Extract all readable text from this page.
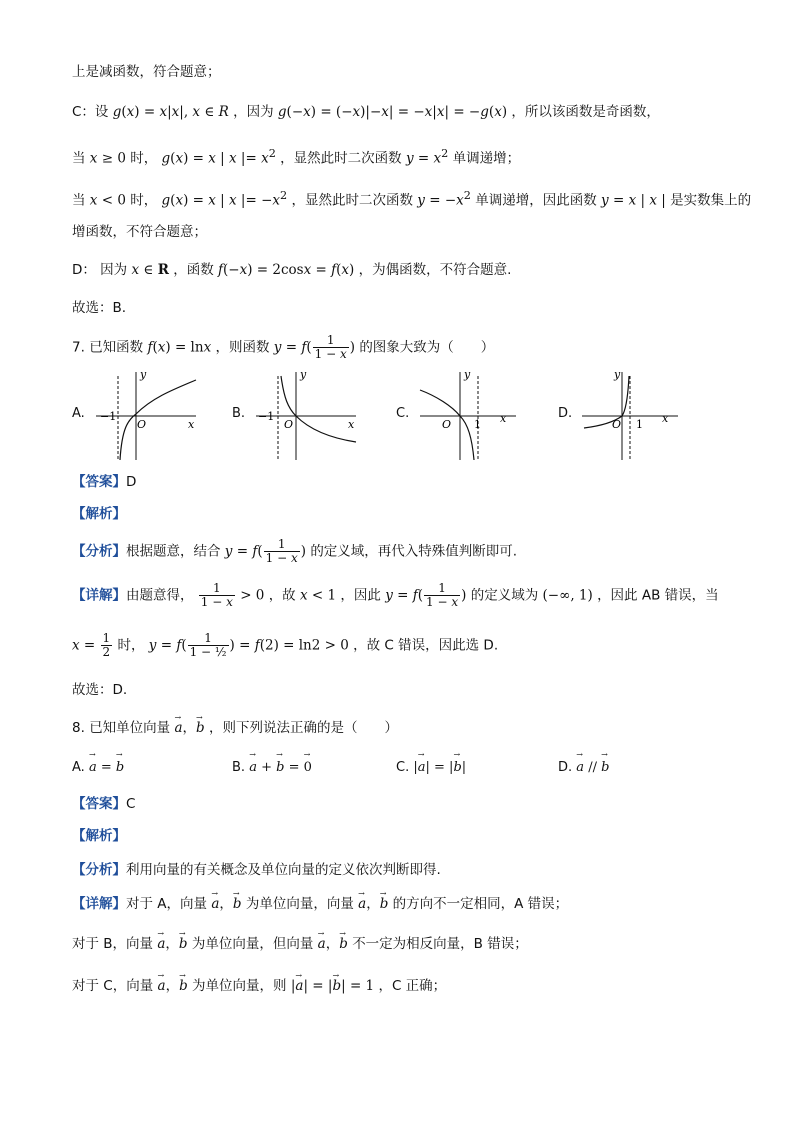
上是减函数，符合题意；
C：设 g(x) = x|x|, x ∈ R ，因为 g(−x) = (−x)|−x| = −x|x| = −g(x) ，所以该函数是奇函数，
当 x ≥ 0 时， g(x) = x | x |= $x^2$ ，显然此时二次函数 $y = x^2$ 单调递增；
当 x < 0 时， g(x) = x | x |= $-x^2$ ，显然此时二次函数 $y = -x^2$ 单调递增，因此函数 y = x | x | 是实数集上的
增函数，不符合题意；
D： 因为 x ∈ R ，函数 f(−x) = 2cosx = f(x) ，为偶函数，不符合题意.
故选：B.
7. 已知函数 f(x) = lnx ，则函数 $y = f( \frac{1}{1 - x}$ ) 的图象大致为（　　）
A.
y
x
O
−1	B.
y
x
O
−1	C.
y
x
O 1
D.
y
x
O 1
【答案】D
【解析】
【分析】根据题意，结合 $y = f( \frac{1}{1 - x}$ ) 的定义域，再代入特殊值判断即可.
【详解】由题意得， $\frac{1}{1 - x} > 0$ ，故 x < 1 ，因此 $y = f( \frac{1}{1 - x}$ ) 的定义域为 (−∞, 1) ，因此 AB 错误，当
$x = \frac{1}{2}$ 时， $y = f( \frac{1}{\text{1 − ½}}$ ) = f(2) = ln2 > 0 ，故 C 错误，因此选 D.
故选：D.
8. 已知单位向量 → a，→ b ，则下列说法正确的是（　　）
A. → a = → b	B. → a + → b = → 0	C. |→ a| = |→ b|	D. → a // → b
【答案】C
【解析】
【分析】利用向量的有关概念及单位向量的定义依次判断即得.
【详解】对于 A，向量 → a，→ b 为单位向量，向量 → a，→ b 的方向不一定相同，A 错误；
对于 B，向量 → a，→ b 为单位向量，但向量 → a，→ b 不一定为相反向量，B 错误；
对于 C，向量 → a，→ b 为单位向量，则 |→ a| = |→ b| = 1 ，C 正确；
